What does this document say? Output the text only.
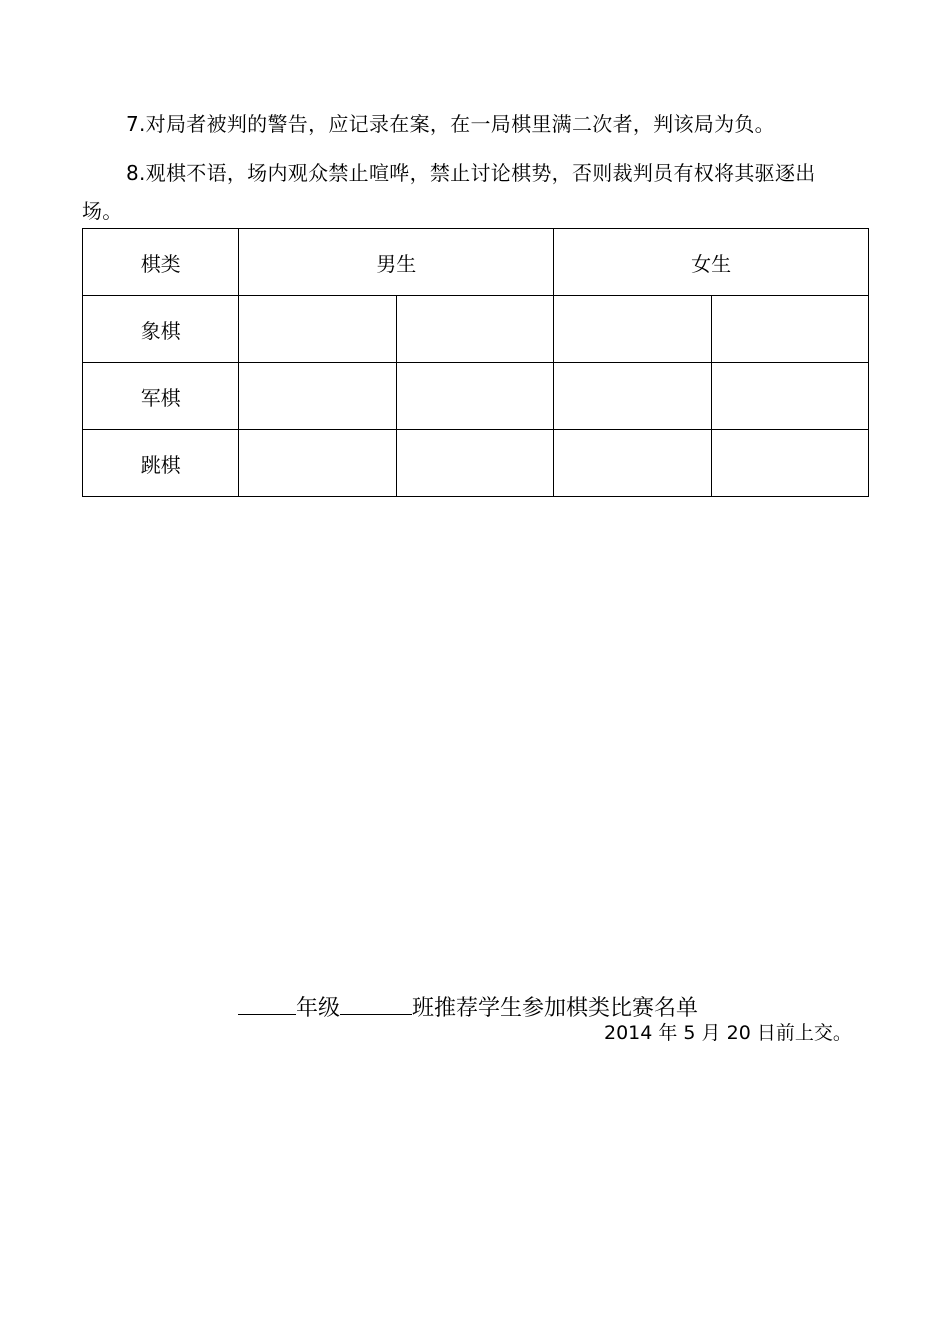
7.对局者被判的警告，应记录在案，在一局棋里满二次者，判该局为负。
8.观棋不语，场内观众禁止喧哗，禁止讨论棋势，否则裁判员有权将其驱逐出
场。
棋类	男生		女生	
象棋				
军棋				
跳棋				
年级	班推荐学生参加棋类比赛名单
2014 年 5 月 20 日前上交。
